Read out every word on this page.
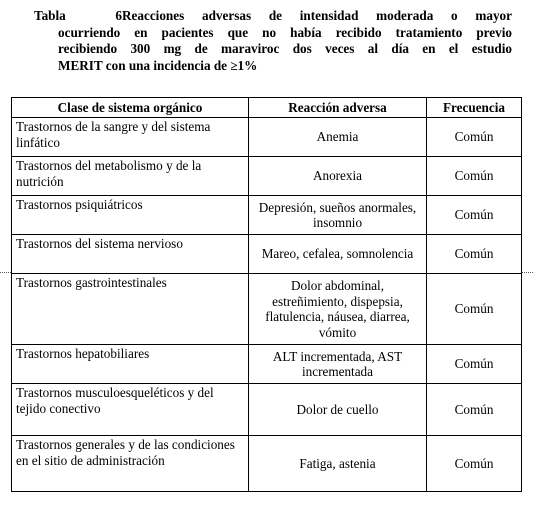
Tabla 6Reacciones adversas de intensidad moderada o mayor
ocurriendo en pacientes que no había recibido tratamiento previo
recibiendo 300 mg de maraviroc dos veces al día en el estudio
MERIT con una incidencia de ≥1%
Clase de sistema orgánico	Reacción adversa	Frecuencia
Trastornos de la sangre y del sistema linfático	Anemia	Común
Trastornos del metabolismo y de la nutrición	Anorexia	Común
Trastornos psiquiátricos	Depresión, sueños anormales, insomnio	Común
Trastornos del sistema nervioso	Mareo, cefalea, somnolencia	Común
Trastornos gastrointestinales	Dolor abdominal, estreñimiento, dispepsia, flatulencia, náusea, diarrea, vómito	Común
Trastornos hepatobiliares	ALT incrementada, AST incrementada	Común
Trastornos musculoesqueléticos y del tejido conectivo	Dolor de cuello	Común
Trastornos generales y de las condiciones en el sitio de administración	Fatiga, astenia	Común
